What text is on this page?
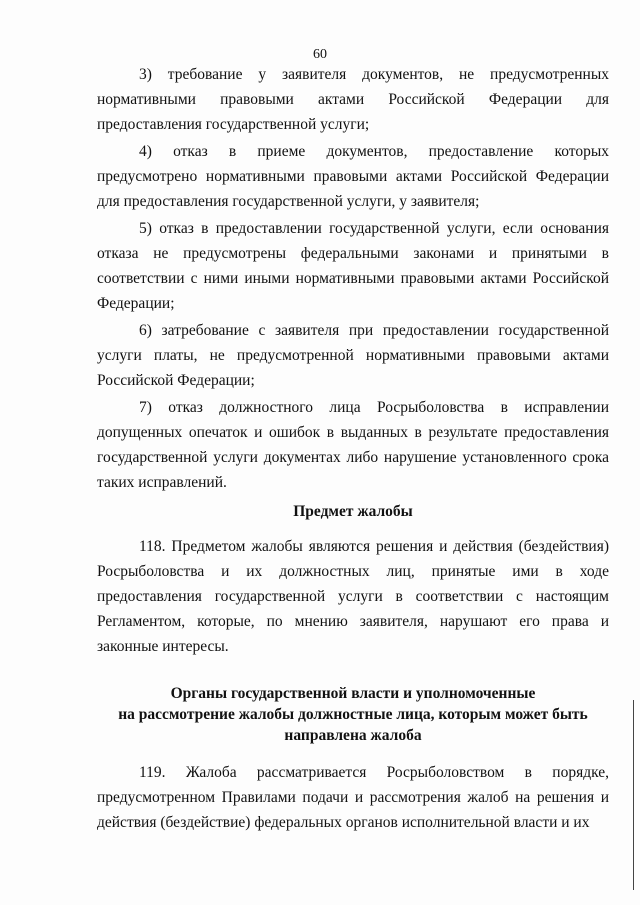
60

3) требование у заявителя документов, не предусмотренных нормативными правовыми актами Российской Федерации для предоставления государственной услуги;

4) отказ в приеме документов, предоставление которых предусмотрено нормативными правовыми актами Российской Федерации для предоставления государственной услуги, у заявителя;

5) отказ в предоставлении государственной услуги, если основания отказа не предусмотрены федеральными законами и принятыми в соответствии с ними иными нормативными правовыми актами Российской Федерации;

6) затребование с заявителя при предоставлении государственной услуги платы, не предусмотренной нормативными правовыми актами Российской Федерации;

7) отказ должностного лица Росрыболовства в исправлении допущенных опечаток и ошибок в выданных в результате предоставления государственной услуги документах либо нарушение установленного срока таких исправлений.

Предмет жалобы

118. Предметом жалобы являются решения и действия (бездействия) Росрыболовства и их должностных лиц, принятые ими в ходе предоставления государственной услуги в соответствии с настоящим Регламентом, которые, по мнению заявителя, нарушают его права и законные интересы.

Органы государственной власти и уполномоченные
на рассмотрение жалобы должностные лица, которым может быть
направлена жалоба

119. Жалоба рассматривается Росрыболовством в порядке, предусмотренном Правилами подачи и рассмотрения жалоб на решения и действия (бездействие) федеральных органов исполнительной власти и их
